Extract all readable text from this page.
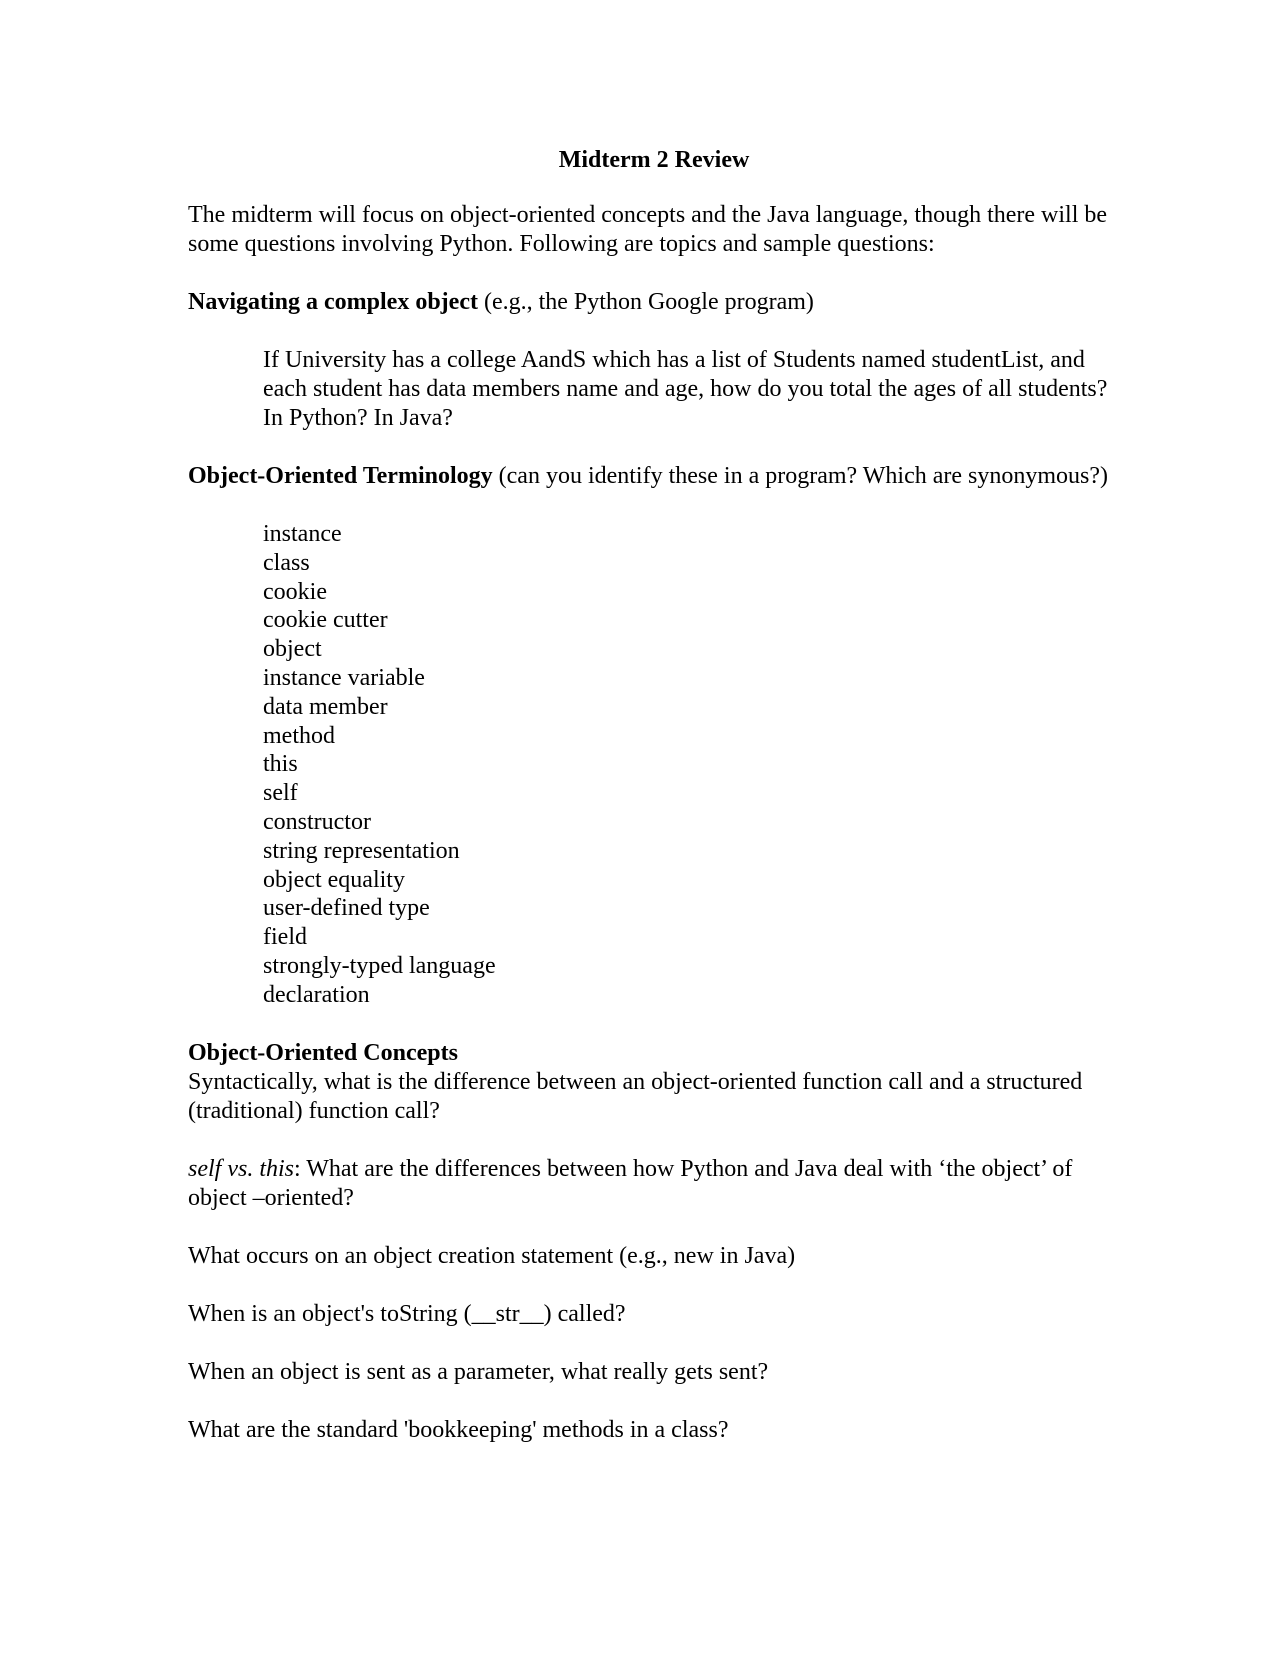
Midterm 2 Review

The midterm will focus on object-oriented concepts and the Java language, though there will be some questions involving Python. Following are topics and sample questions:

Navigating a complex object (e.g., the Python Google program)

If University has a college AandS which has a list of Students named studentList, and each student has data members name and age, how do you total the ages of all students? In Python? In Java?

Object-Oriented Terminology (can you identify these in a program? Which are synonymous?)

instance
class
cookie
cookie cutter
object
instance variable
data member
method
this
self
constructor
string representation
object equality
user-defined type
field
strongly-typed language
declaration

Object-Oriented Concepts

Syntactically, what is the difference between an object-oriented function call and a structured (traditional) function call?

self vs. this: What are the differences between how Python and Java deal with ‘the object’ of object –oriented?

What occurs on an object creation statement (e.g., new in Java)

When is an object's toString (__str__) called?

When an object is sent as a parameter, what really gets sent?

What are the standard 'bookkeeping' methods in a class?
